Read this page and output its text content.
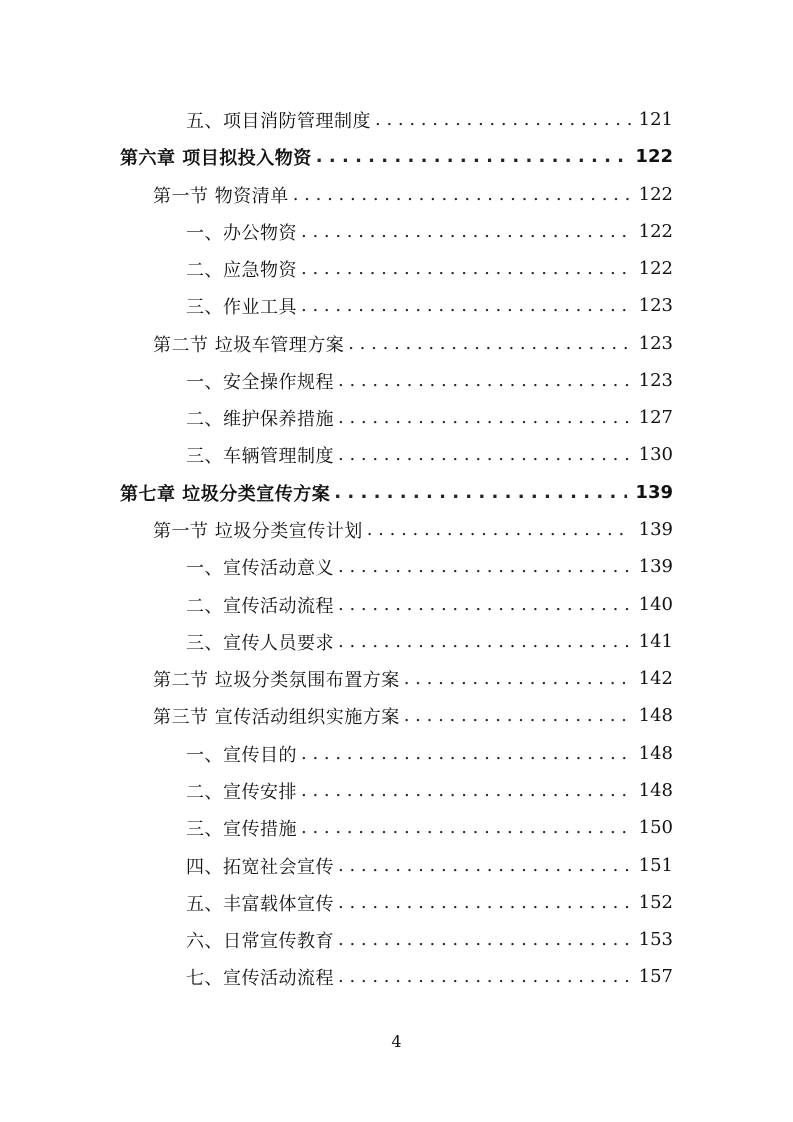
五、项目消防管理制度 . . .	121
第六章 项目拟投入物资 . . .	122
第一节 物资清单 . . .	122
一、办公物资 . . .	122
二、应急物资 . . .	122
三、作业工具 . . .	123
第二节 垃圾车管理方案 . . .	123
一、安全操作规程 . . .	123
二、维护保养措施 . . .	127
三、车辆管理制度 . . .	130
第七章 垃圾分类宣传方案 . . .	139
第一节 垃圾分类宣传计划 . . .	139
一、宣传活动意义 . . .	139
二、宣传活动流程 . . .	140
三、宣传人员要求 . . .	141
第二节 垃圾分类氛围布置方案 . . .	142
第三节 宣传活动组织实施方案 . . .	148
一、宣传目的 . . .	148
二、宣传安排 . . .	148
三、宣传措施 . . .	150
四、拓宽社会宣传 . . .	151
五、丰富载体宣传 . . .	152
六、日常宣传教育 . . .	153
七、宣传活动流程 . . .	157
4
